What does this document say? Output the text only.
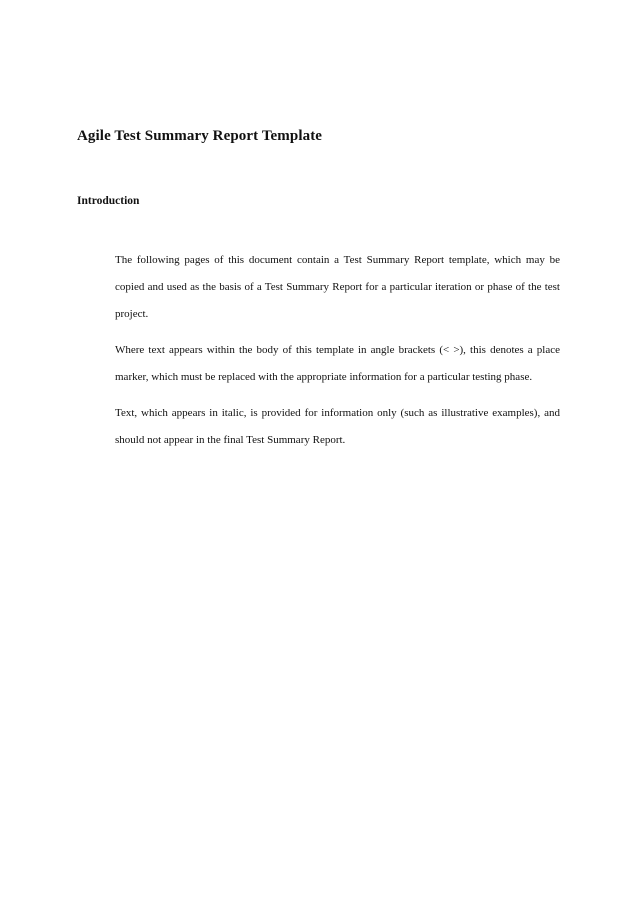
Agile Test Summary Report Template
Introduction

The following pages of this document contain a Test Summary Report template, which may be copied and used as the basis of a Test Summary Report for a particular iteration or phase of the test project.

Where text appears within the body of this template in angle brackets (< >), this denotes a place marker, which must be replaced with the appropriate information for a particular testing phase.

Text, which appears in italic, is provided for information only (such as illustrative examples), and should not appear in the final Test Summary Report.
